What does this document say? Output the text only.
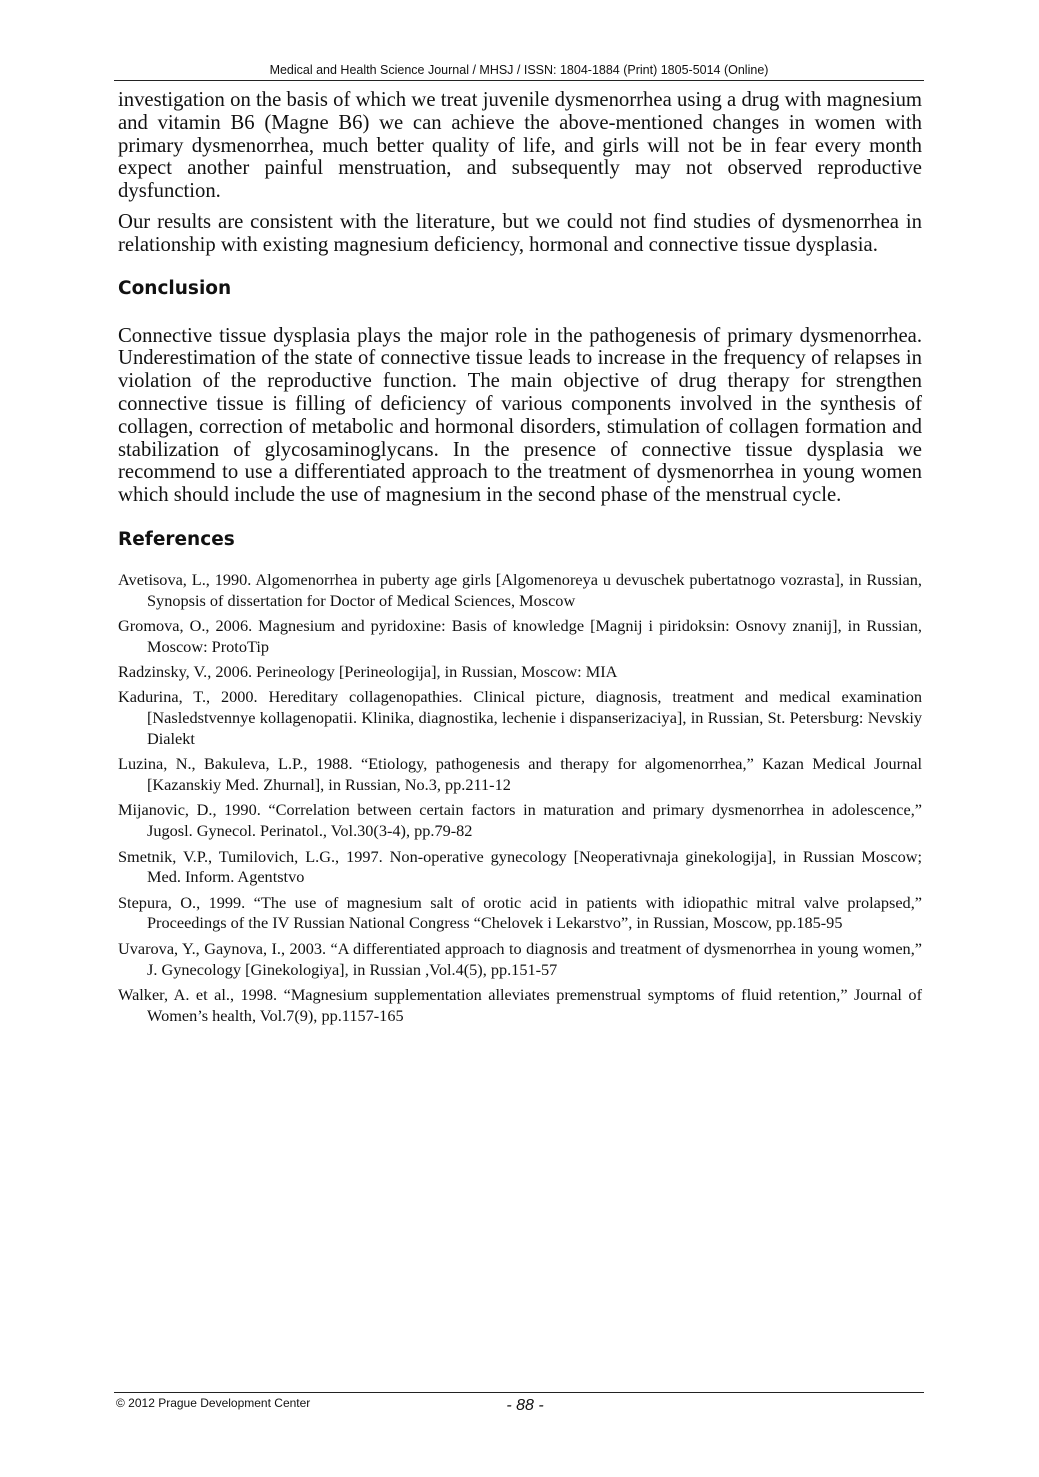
Medical and Health Science Journal / MHSJ / ISSN: 1804-1884 (Print) 1805-5014 (Online)

investigation on the basis of which we treat juvenile dysmenorrhea using a drug with magnesium and vitamin B6 (Magne B6) we can achieve the above-mentioned changes in women with primary dysmenorrhea, much better quality of life, and girls will not be in fear every month expect another painful menstruation, and subsequently may not observed reproductive dysfunction.

Our results are consistent with the literature, but we could not find studies of dysmenorrhea in relationship with existing magnesium deficiency, hormonal and connective tissue dysplasia.

Conclusion

Connective tissue dysplasia plays the major role in the pathogenesis of primary dysmenorrhea. Underestimation of the state of connective tissue leads to increase in the frequency of relapses in violation of the reproductive function. The main objective of drug therapy for strengthen connective tissue is filling of deficiency of various components involved in the synthesis of collagen, correction of metabolic and hormonal disorders, stimulation of collagen formation and stabilization of glycosaminoglycans. In the presence of connective tissue dysplasia we recommend to use a differentiated approach to the treatment of dysmenorrhea in young women which should include the use of magnesium in the second phase of the menstrual cycle.

References
Avetisova, L., 1990. Algomenorrhea in puberty age girls [Algomenoreya u devuschek pubertatnogo vozrasta], in Russian, Synopsis of dissertation for Doctor of Medical Sciences, Moscow
Gromova, O., 2006. Magnesium and pyridoxine: Basis of knowledge [Magnij i piridoksin: Osnovy znanij], in Russian, Moscow: ProtoTip
Radzinsky, V., 2006. Perineology [Perineologija], in Russian, Moscow: MIA
Kadurina, T., 2000. Hereditary collagenopathies. Clinical picture, diagnosis, treatment and medical examination [Nasledstvennye kollagenopatii. Klinika, diagnostika, lechenie i dispanserizaciya], in Russian, St. Petersburg: Nevskiy Dialekt
Luzina, N., Bakuleva, L.P., 1988. “Etiology, pathogenesis and therapy for algomenorrhea,” Kazan Medical Journal [Kazanskiy Med. Zhurnal], in Russian, No.3, pp.211-12
Mijanovic, D., 1990. “Correlation between certain factors in maturation and primary dysmenorrhea in adolescence,” Jugosl. Gynecol. Perinatol., Vol.30(3-4), pp.79-82
Smetnik, V.P., Tumilovich, L.G., 1997. Non-operative gynecology [Neoperativnaja ginekologija], in Russian Moscow; Med. Inform. Agentstvo
Stepura, O., 1999. “The use of magnesium salt of orotic acid in patients with idiopathic mitral valve prolapsed,” Proceedings of the IV Russian National Congress “Chelovek i Lekarstvo”, in Russian, Moscow, pp.185-95
Uvarova, Y., Gaynova, I., 2003. “A differentiated approach to diagnosis and treatment of dysmenorrhea in young women,” J. Gynecology [Ginekologiya], in Russian ,Vol.4(5), pp.151-57
Walker, A. et al., 1998. “Magnesium supplementation alleviates premenstrual symptoms of fluid retention,” Journal of Women’s health, Vol.7(9), pp.1157-165
© 2012 Prague Development Center	- 88 -
